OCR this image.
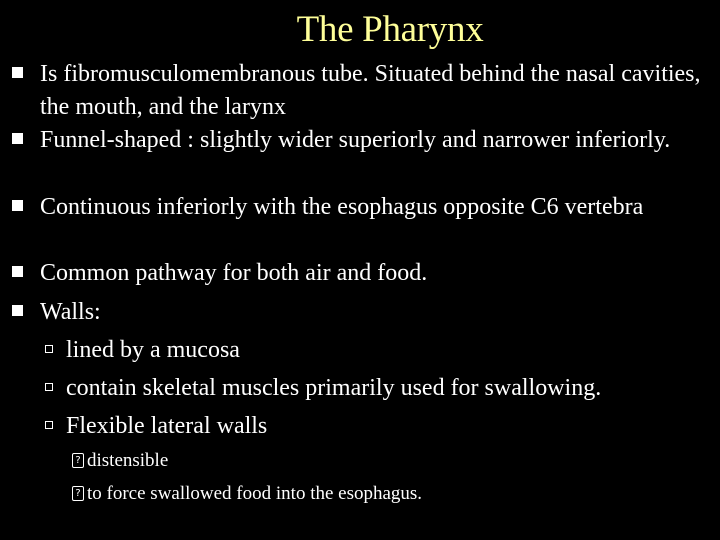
The Pharynx
Is fibromusculomembranous tube. Situated behind the nasal cavities, the mouth, and the larynx
Funnel-shaped : slightly wider superiorly and narrower inferiorly.
Continuous inferiorly with the esophagus opposite C6 vertebra
Common pathway for both air and food.
Walls:
lined by a mucosa
contain skeletal muscles primarily used for swallowing.
Flexible lateral walls
? distensible
? to force swallowed food into the esophagus.
